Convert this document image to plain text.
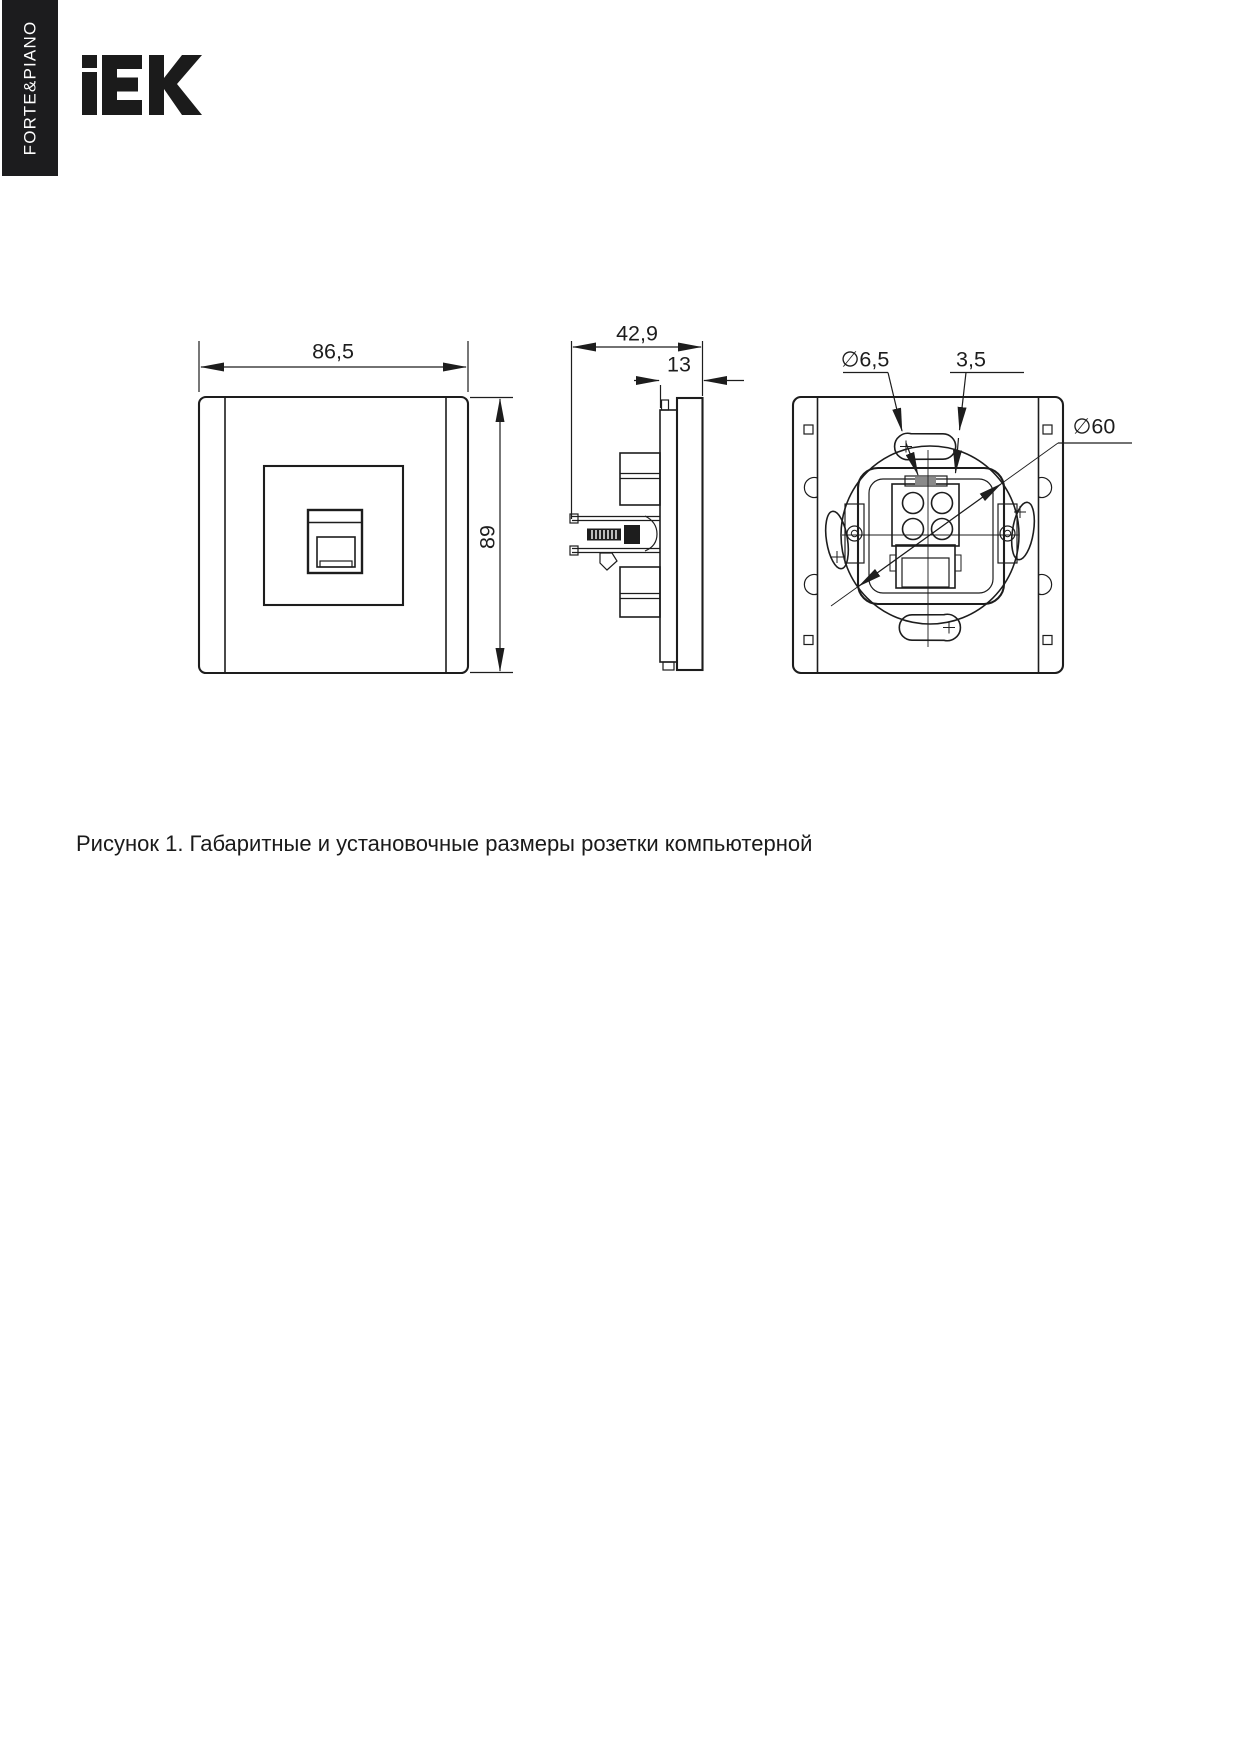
FORTE&PIANO
86,5
89
42,9
13	∅6,5	3,5
∅60
Рисунок 1. Габаритные и установочные размеры розетки компьютерной
